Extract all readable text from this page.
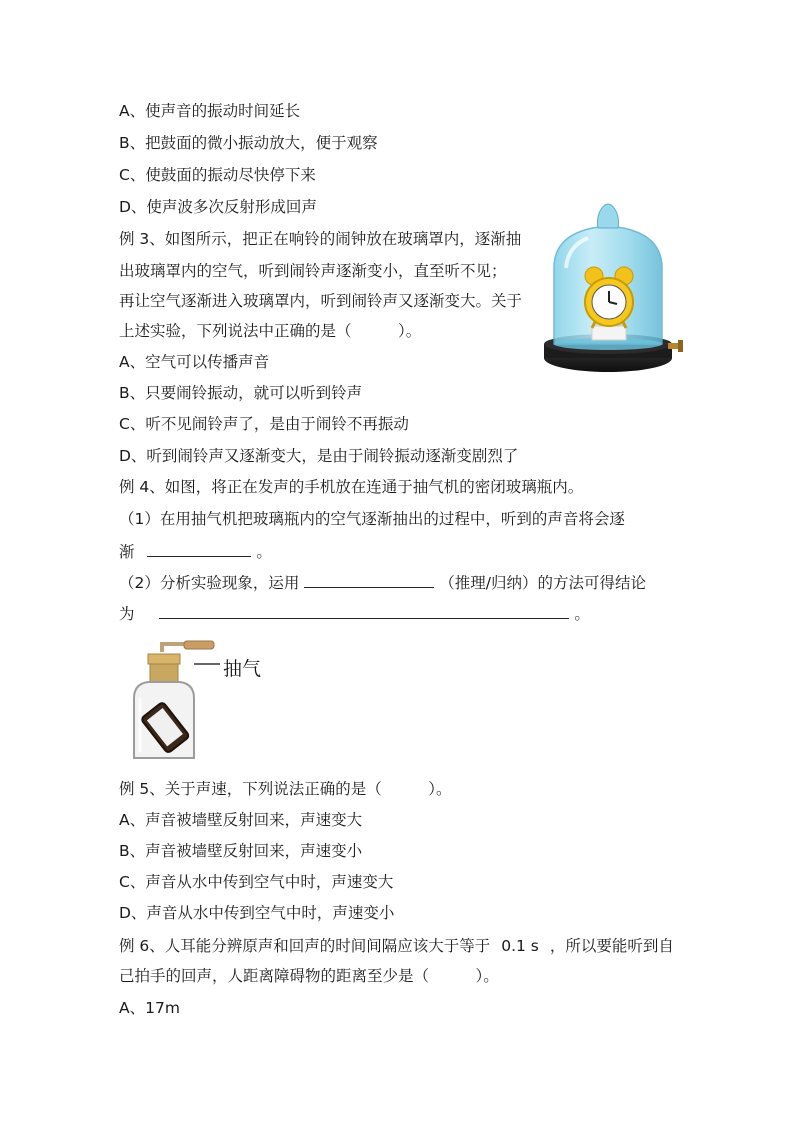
A、使声音的振动时间延长
B、把鼓面的微小振动放大，便于观察
C、使鼓面的振动尽快停下来
D、使声波多次反射形成回声
例 3、如图所示，把正在响铃的闹钟放在玻璃罩内，逐渐抽
出玻璃罩内的空气，听到闹铃声逐渐变小，直至听不见；
再让空气逐渐进入玻璃罩内，听到闹铃声又逐渐变大。关于
上述实验，下列说法中正确的是（　　　）。
A、空气可以传播声音
B、只要闹铃振动，就可以听到铃声
C、听不见闹铃声了，是由于闹铃不再振动
D、听到闹铃声又逐渐变大，是由于闹铃振动逐渐变剧烈了
例 4、如图，将正在发声的手机放在连通于抽气机的密闭玻璃瓶内。
（1）在用抽气机把玻璃瓶内的空气逐渐抽出的过程中，听到的声音将会逐
渐	。
（2）分析实验现象，运用	（推理/归纳）的方法可得结论
为	。
抽气
例 5、关于声速，下列说法正确的是（　　　）。
A、声音被墙壁反射回来，声速变大
B、声音被墙壁反射回来，声速变小
C、声音从水中传到空气中时，声速变大
D、声音从水中传到空气中时，声速变小
例 6、人耳能分辨原声和回声的时间间隔应该大于等于 0.1 s ，所以要能听到自
己拍手的回声，人距离障碍物的距离至少是（　　　）。
A、17m
